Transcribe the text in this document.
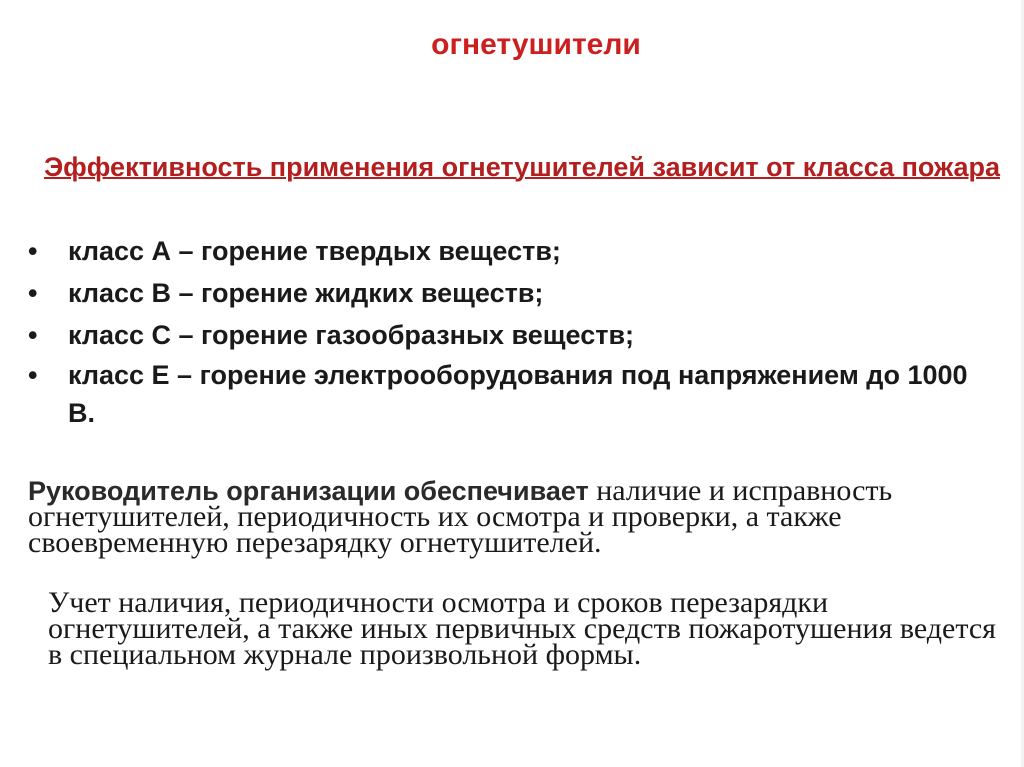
огнетушители
Эффективность применения огнетушителей зависит от класса пожара
• класс А – горение твердых веществ;
• класс В – горение жидких веществ;
• класс С – горение газообразных веществ;
• класс Е – горение электрооборудования под напряжением до 1000 В.
Руководитель организации обеспечивает наличие и исправность огнетушителей, периодичность их осмотра и проверки, а также своевременную перезарядку огнетушителей.
Учет наличия, периодичности осмотра и сроков перезарядки огнетушителей, а также иных первичных средств пожаротушения ведется в специальном журнале произвольной формы.
